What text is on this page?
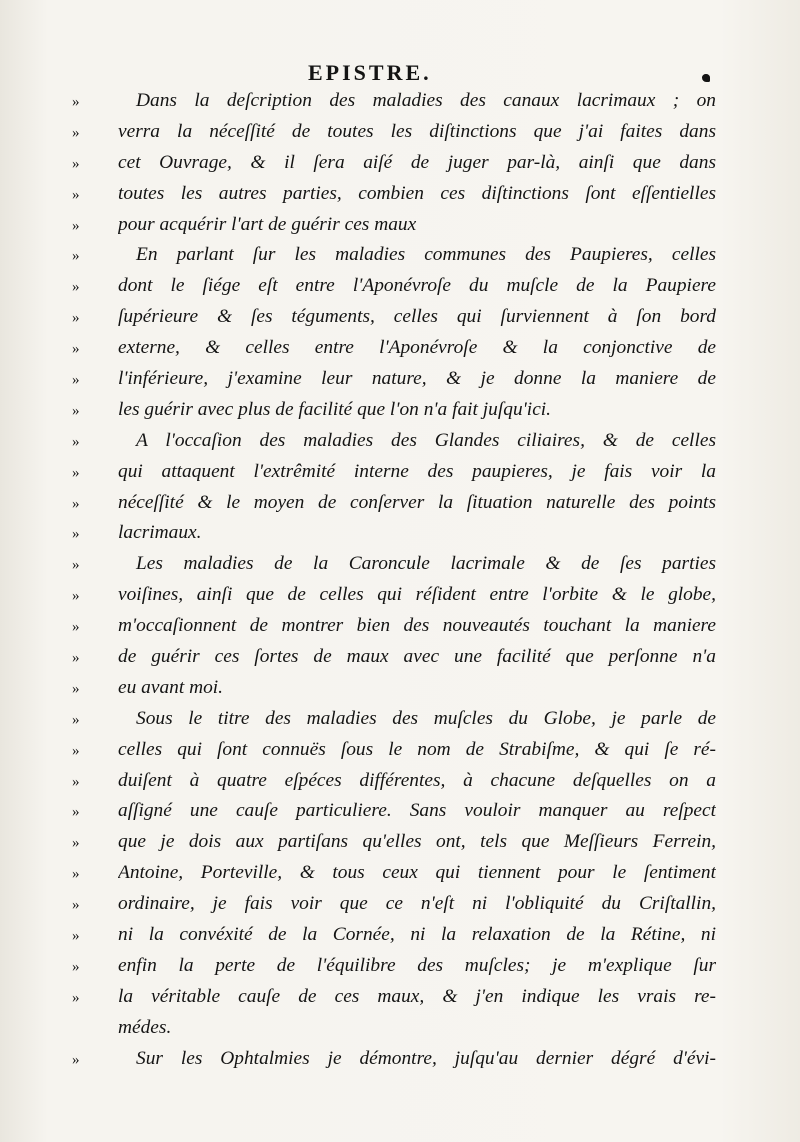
EPISTRE.
»	Dans la deſcription des maladies des canaux lacrimaux ; on
»	verra la néceſſité de toutes les diſtinctions que j'ai faites dans
»	cet Ouvrage, & il ſera aiſé de juger par-là, ainſi que dans
»	toutes les autres parties, combien ces diſtinctions ſont eſſentielles
»	pour acquérir l'art de guérir ces maux
»	En parlant ſur les maladies communes des Paupieres, celles
»	dont le ſiége eſt entre l'Aponévroſe du muſcle de la Paupiere
»	ſupérieure & ſes téguments, celles qui ſurviennent à ſon bord
»	externe, & celles entre l'Aponévroſe & la conjonctive de
»	l'inférieure, j'examine leur nature, & je donne la maniere de
»	les guérir avec plus de facilité que l'on n'a fait juſqu'ici.
»	A l'occaſion des maladies des Glandes ciliaires, & de celles
»	qui attaquent l'extrêmité interne des paupieres, je fais voir la
»	néceſſité & le moyen de conſerver la ſituation naturelle des points
»	lacrimaux.
»	Les maladies de la Caroncule lacrimale & de ſes parties
»	voiſines, ainſi que de celles qui réſident entre l'orbite & le globe,
»	m'occaſionnent de montrer bien des nouveautés touchant la maniere
»	de guérir ces ſortes de maux avec une facilité que perſonne n'a
»	eu avant moi.
»	Sous le titre des maladies des muſcles du Globe, je parle de
»	celles qui ſont connuës ſous le nom de Strabiſme, & qui ſe ré-
»	duiſent à quatre eſpéces différentes, à chacune deſquelles on a
»	aſſigné une cauſe particuliere. Sans vouloir manquer au reſpect
»	que je dois aux partiſans qu'elles ont, tels que Meſſieurs Ferrein,
»	Antoine, Porteville, & tous ceux qui tiennent pour le ſentiment
»	ordinaire, je fais voir que ce n'eſt ni l'obliquité du Criſtallin,
»	ni la convéxité de la Cornée, ni la relaxation de la Rétine, ni
»	enfin la perte de l'équilibre des muſcles; je m'explique ſur
»	la véritable cauſe de ces maux, & j'en indique les vrais re-
médes.
»	Sur les Ophtalmies je démontre, juſqu'au dernier dégré d'évi-
